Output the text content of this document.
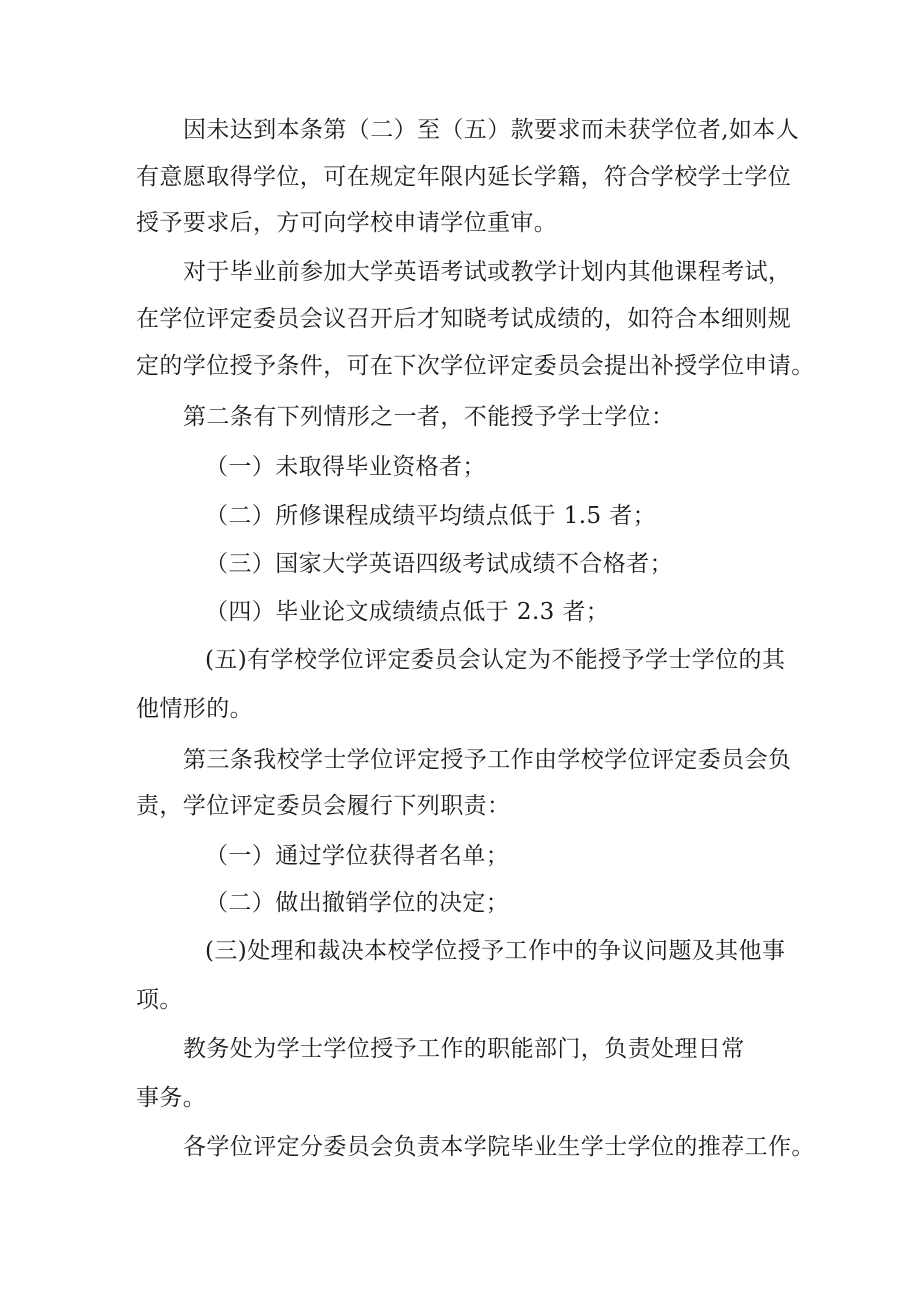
因未达到本条第（二）至（五）款要求而未获学位者,如本人
有意愿取得学位，可在规定年限内延长学籍，符合学校学士学位
授予要求后，方可向学校申请学位重审。
对于毕业前参加大学英语考试或教学计划内其他课程考试，
在学位评定委员会议召开后才知晓考试成绩的，如符合本细则规
定的学位授予条件，可在下次学位评定委员会提出补授学位申请。
第二条有下列情形之一者，不能授予学士学位：
（一）未取得毕业资格者；
（二）所修课程成绩平均绩点低于 1.5 者；
（三）国家大学英语四级考试成绩不合格者；
（四）毕业论文成绩绩点低于 2.3 者；
(五)有学校学位评定委员会认定为不能授予学士学位的其
他情形的。
第三条我校学士学位评定授予工作由学校学位评定委员会负
责，学位评定委员会履行下列职责：
（一）通过学位获得者名单；
（二）做出撤销学位的决定；
(三)处理和裁决本校学位授予工作中的争议问题及其他事
项。
教务处为学士学位授予工作的职能部门，负责处理日常
事务。
各学位评定分委员会负责本学院毕业生学士学位的推荐工作。
